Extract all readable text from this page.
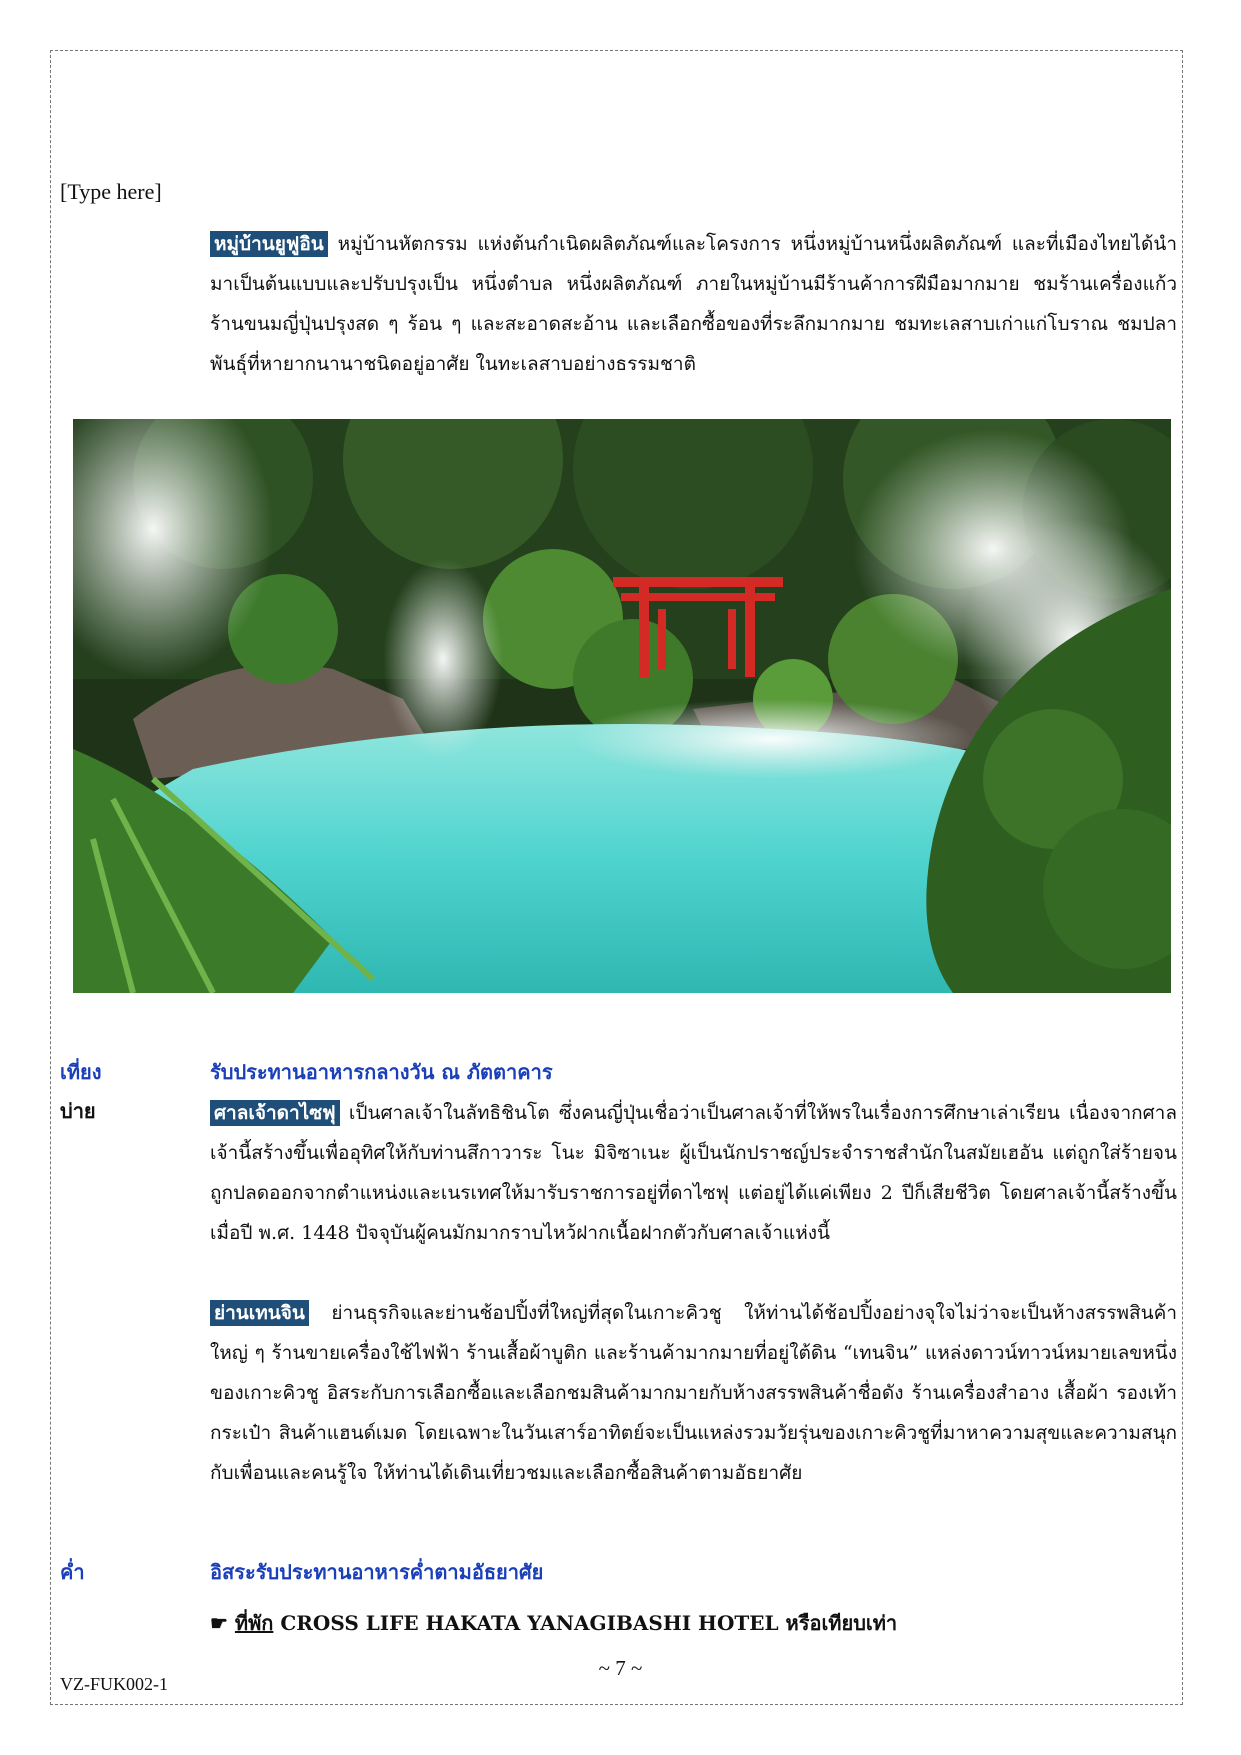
[Type here]
หมู่บ้านยูฟูอิน หมู่บ้านหัตกรรม แห่งต้นกำเนิดผลิตภัณฑ์และโครงการ หนึ่งหมู่บ้านหนึ่งผลิตภัณฑ์ และที่เมืองไทยได้นำมาเป็นต้นแบบและปรับปรุงเป็น หนึ่งตำบล หนึ่งผลิตภัณฑ์ ภายในหมู่บ้านมีร้านค้าการฝีมือมากมาย ชมร้านเครื่องแก้ว ร้านขนมญี่ปุ่นปรุงสด ๆ ร้อน ๆ และสะอาดสะอ้าน และเลือกซื้อของที่ระลึกมากมาย ชมทะเลสาบเก่าแก่โบราณ ชมปลาพันธุ์ที่หายากนานาชนิดอยู่อาศัย ในทะเลสาบอย่างธรรมชาติ
เที่ยง	รับประทานอาหารกลางวัน ณ ภัตตาคาร
บ่าย	ศาลเจ้าดาไซฟุ เป็นศาลเจ้าในลัทธิชินโต ซึ่งคนญี่ปุ่นเชื่อว่าเป็นศาลเจ้าที่ให้พรในเรื่องการศึกษาเล่าเรียน เนื่องจากศาลเจ้านี้สร้างขึ้นเพื่ออุทิศให้กับท่านสึกาวาระ โนะ มิจิซาเนะ ผู้เป็นนักปราชญ์ประจำราชสำนักในสมัยเฮอัน แต่ถูกใส่ร้ายจนถูกปลดออกจากตำแหน่งและเนรเทศให้มารับราชการอยู่ที่ดาไซฟุ แต่อยู่ได้แค่เพียง 2 ปีก็เสียชีวิต โดยศาลเจ้านี้สร้างขึ้นเมื่อปี พ.ศ. 1448 ปัจจุบันผู้คนมักมากราบไหว้ฝากเนื้อฝากตัวกับศาลเจ้าแห่งนี้
ย่านเทนจิน ย่านธุรกิจและย่านช้อปปิ้งที่ใหญ่ที่สุดในเกาะคิวชู ให้ท่านได้ช้อปปิ้งอย่างจุใจไม่ว่าจะเป็นห้างสรรพสินค้าใหญ่ ๆ ร้านขายเครื่องใช้ไฟฟ้า ร้านเสื้อผ้าบูติก และร้านค้ามากมายที่อยู่ใต้ดิน “เทนจิน” แหล่งดาวน์ทาวน์หมายเลขหนึ่งของเกาะคิวชู อิสระกับการเลือกซื้อและเลือกชมสินค้ามากมายกับห้างสรรพสินค้าชื่อดัง ร้านเครื่องสำอาง เสื้อผ้า รองเท้า กระเป๋า สินค้าแฮนด์เมด โดยเฉพาะในวันเสาร์อาทิตย์จะเป็นแหล่งรวมวัยรุ่นของเกาะคิวชูที่มาหาความสุขและความสนุกกับเพื่อนและคนรู้ใจ ให้ท่านได้เดินเที่ยวชมและเลือกซื้อสินค้าตามอัธยาศัย
ค่ำ	อิสระรับประทานอาหารค่ำตามอัธยาศัย
☛ ที่พัก CROSS LIFE HAKATA YANAGIBASHI HOTEL หรือเทียบเท่า
~ 7 ~
VZ-FUK002-1
